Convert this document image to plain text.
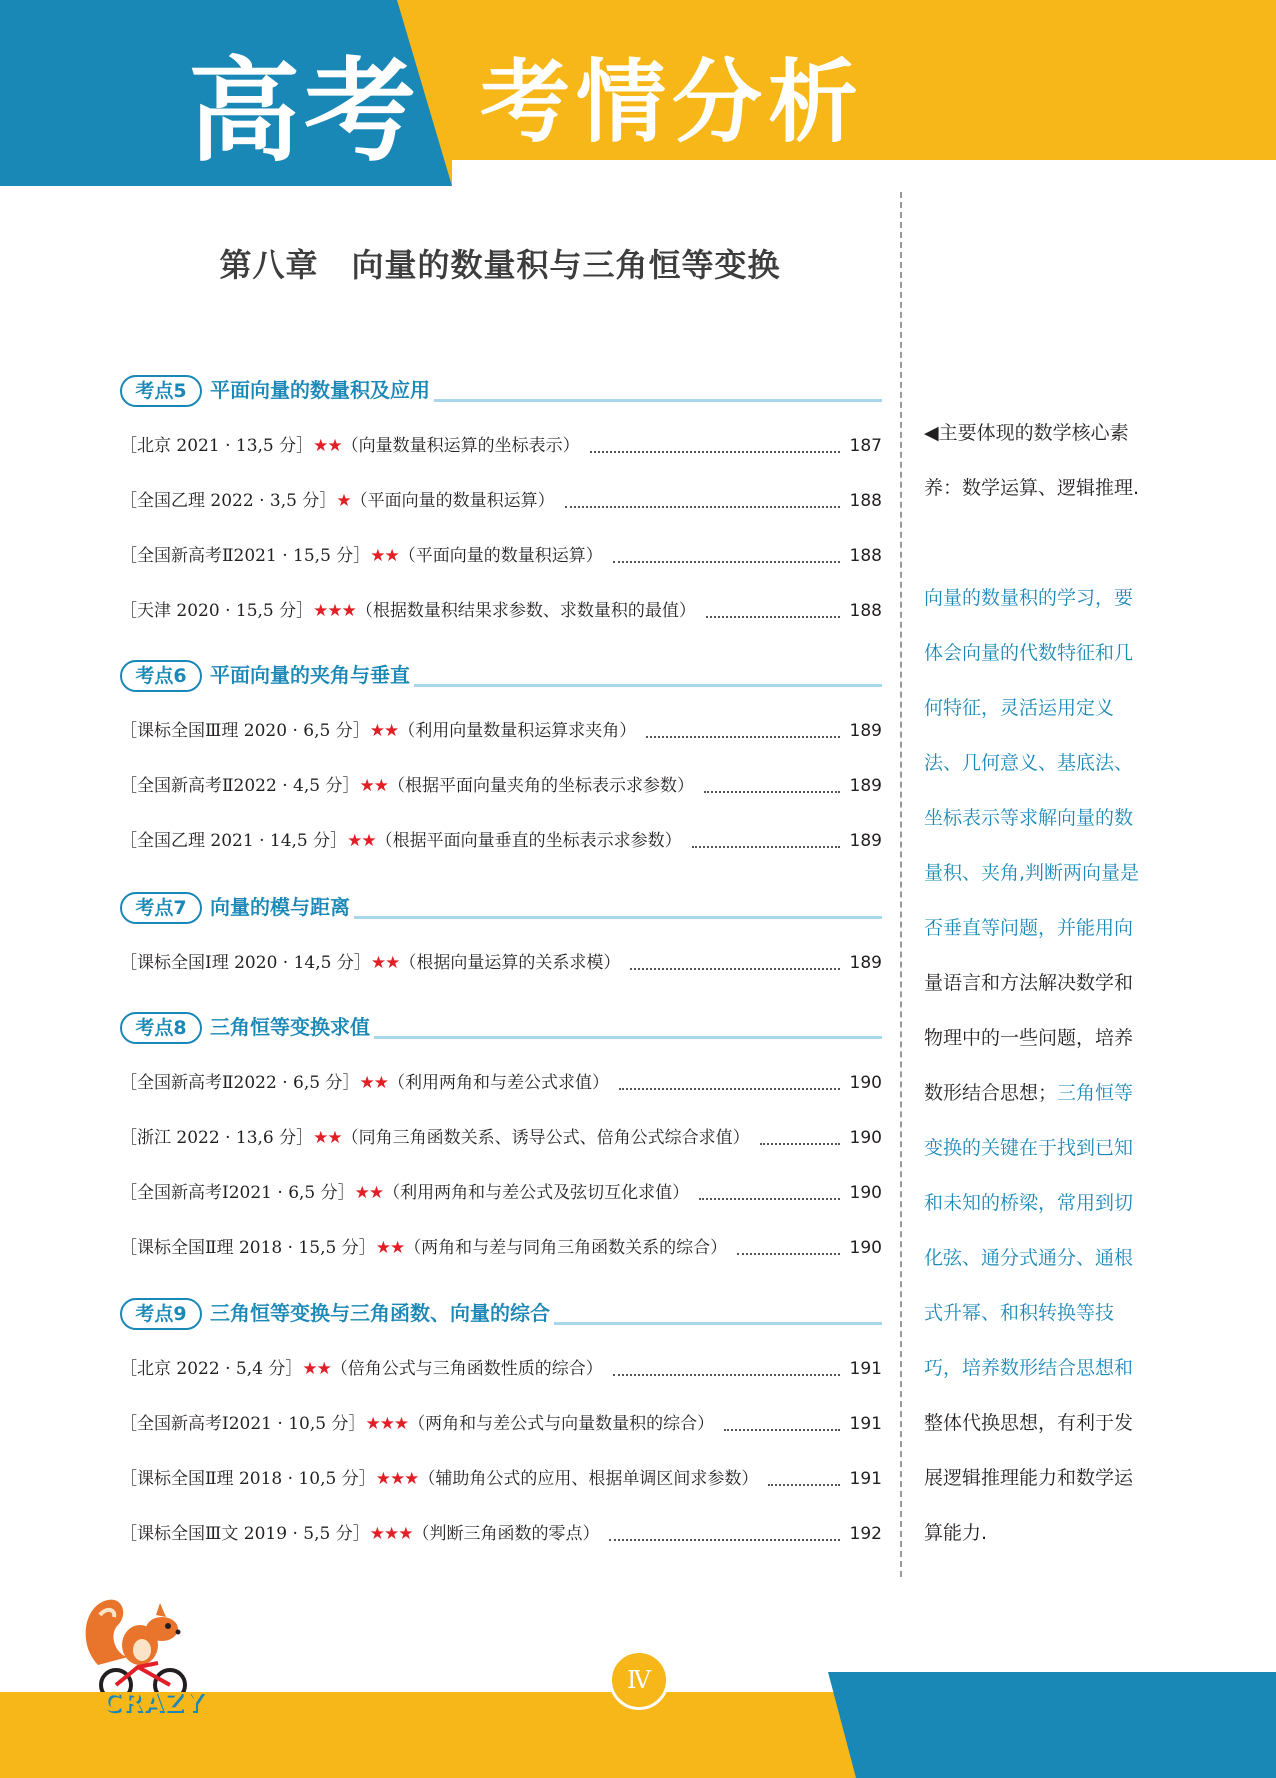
高考 考情分析
第八章　向量的数量积与三角恒等变换
考点5	平面向量的数量积及应用
［北京 2021 · 13,5 分］★★（向量数量积运算的坐标表示）	187
［全国乙理 2022 · 3,5 分］★（平面向量的数量积运算）	188
［全国新高考Ⅱ2021 · 15,5 分］★★（平面向量的数量积运算）	188
［天津 2020 · 15,5 分］★★★（根据数量积结果求参数、求数量积的最值）	188
考点6	平面向量的夹角与垂直
［课标全国Ⅲ理 2020 · 6,5 分］★★（利用向量数量积运算求夹角）	189
［全国新高考Ⅱ2022 · 4,5 分］★★（根据平面向量夹角的坐标表示求参数）	189
［全国乙理 2021 · 14,5 分］★★（根据平面向量垂直的坐标表示求参数）	189
考点7	向量的模与距离
［课标全国Ⅰ理 2020 · 14,5 分］★★（根据向量运算的关系求模）	189
考点8	三角恒等变换求值
［全国新高考Ⅱ2022 · 6,5 分］★★（利用两角和与差公式求值）	190
［浙江 2022 · 13,6 分］★★（同角三角函数关系、诱导公式、倍角公式综合求值）	190
［全国新高考Ⅰ2021 · 6,5 分］★★（利用两角和与差公式及弦切互化求值）	190
［课标全国Ⅱ理 2018 · 15,5 分］★★（两角和与差与同角三角函数关系的综合）	190
考点9	三角恒等变换与三角函数、向量的综合
［北京 2022 · 5,4 分］★★（倍角公式与三角函数性质的综合）	191
［全国新高考Ⅰ2021 · 10,5 分］★★★（两角和与差公式与向量数量积的综合）	191
［课标全国Ⅱ理 2018 · 10,5 分］★★★（辅助角公式的应用、根据单调区间求参数）	191
［课标全国Ⅲ文 2019 · 5,5 分］★★★（判断三角函数的零点）	192

◀主要体现的数学核心素

养：数学运算、逻辑推理.

向量的数量积的学习，要

体会向量的代数特征和几

何特征，灵活运用定义

法、几何意义、基底法、

坐标表示等求解向量的数

量积、夹角,判断两向量是

否垂直等问题，并能用向

量语言和方法解决数学和

物理中的一些问题，培养

数形结合思想；三角恒等

变换的关键在于找到已知

和未知的桥梁，常用到切

化弦、通分式通分、通根

式升幂、和积转换等技

巧，培养数形结合思想和

整体代换思想，有利于发

展逻辑推理能力和数学运

算能力.

CRAZY
Ⅳ
